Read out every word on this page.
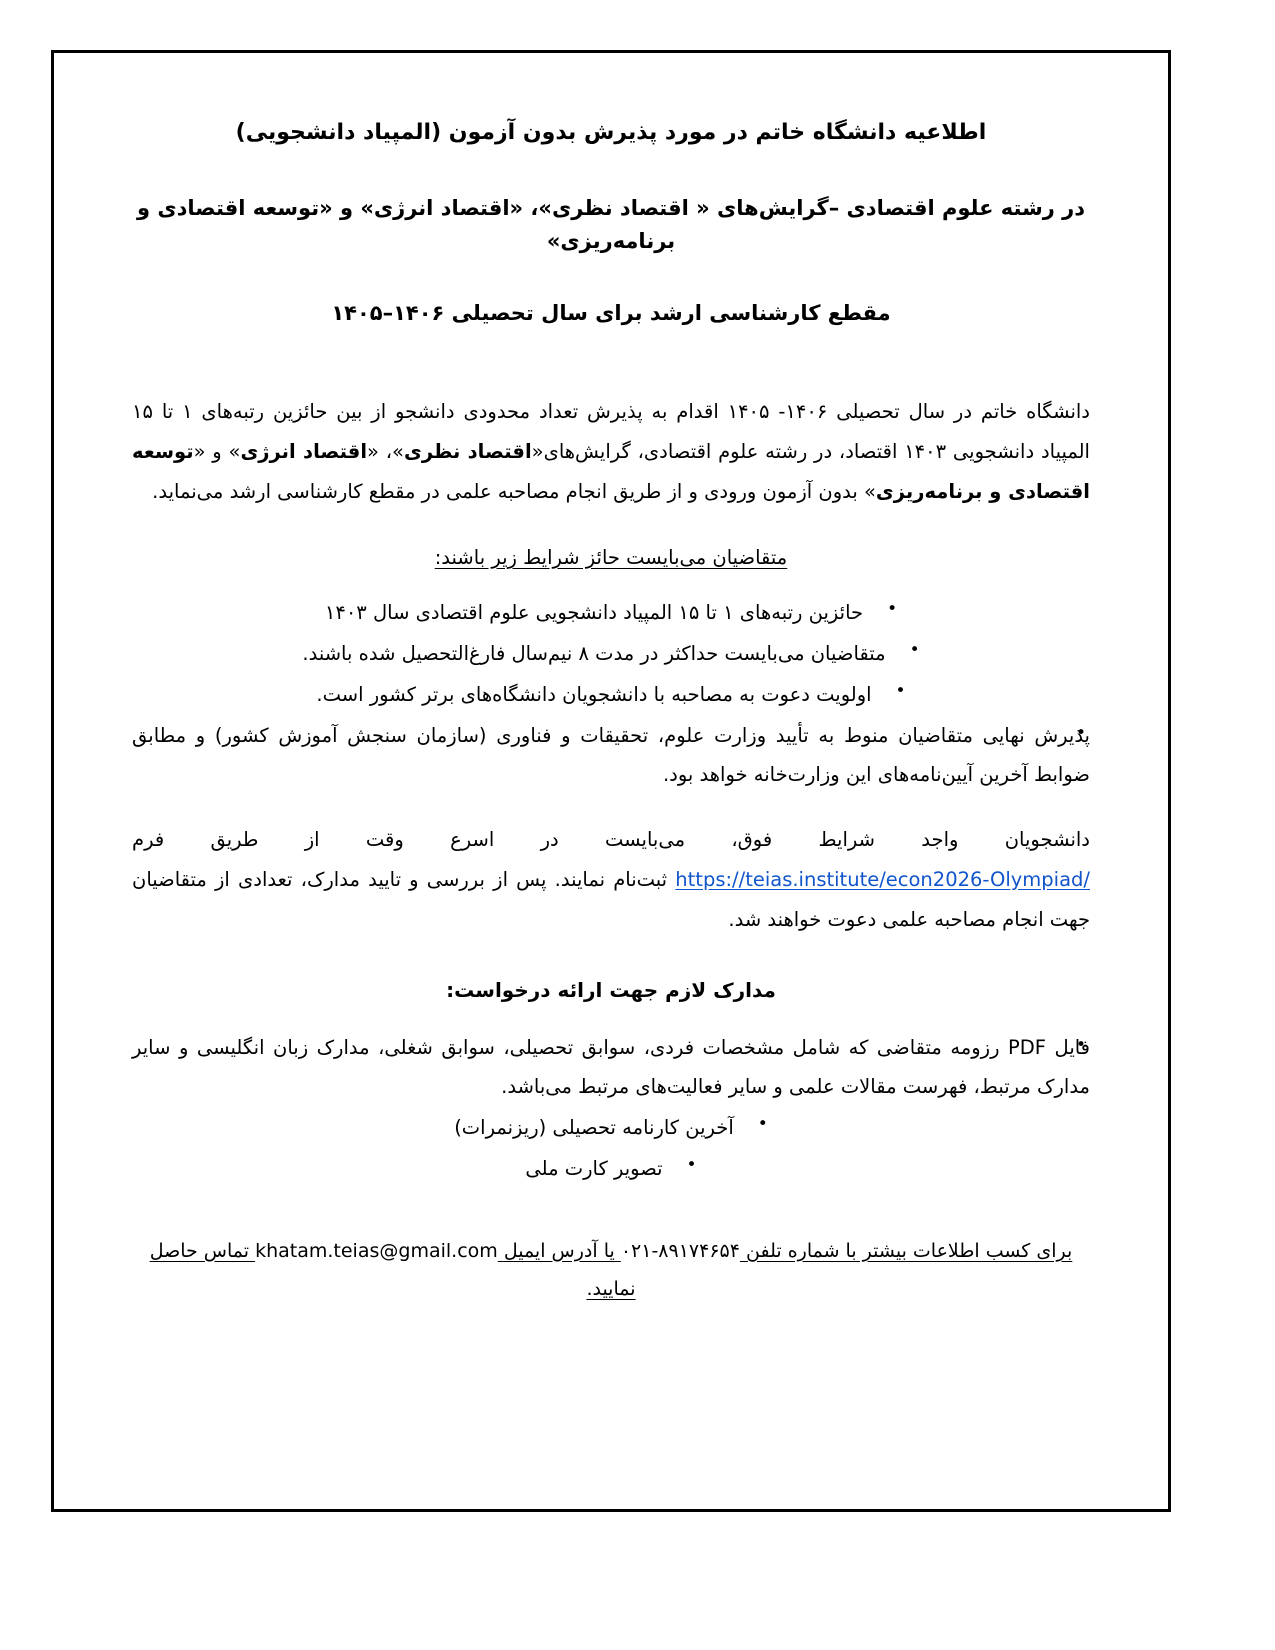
اطلاعیه دانشگاه خاتم در مورد پذیرش بدون آزمون (المپیاد دانشجویی)
در رشته علوم اقتصادی –گرایش‌های « اقتصاد نظری»، «اقتصاد انرژی» و «توسعه اقتصادی و برنامه‌ریزی»
مقطع کارشناسی ارشد برای سال تحصیلی ۱۴۰۶–۱۴۰۵

دانشگاه خاتم در سال تحصیلی ۱۴۰۶- ۱۴۰۵ اقدام به پذیرش تعداد محدودی دانشجو از بین حائزین رتبه‌های ۱ تا ۱۵ المپیاد دانشجویی ۱۴۰۳ اقتصاد، در رشته علوم اقتصادی، گرایش‌های«اقتصاد نظری»، «اقتصاد انرژی» و «توسعه اقتصادی و برنامه‌ریزی» بدون آزمون ورودی و از طریق انجام مصاحبه علمی در مقطع کارشناسی ارشد می‌نماید.

متقاضیان می‌بایست حائز شرایط زیر باشند:
• حائزین رتبه‌های ۱ تا ۱۵ المپیاد دانشجویی علوم اقتصادی سال ۱۴۰۳
• متقاضیان می‌بایست حداکثر در مدت ۸ نیم‌سال فارغ‌التحصیل شده باشند.
• اولویت دعوت به مصاحبه با دانشجویان دانشگاه‌های برتر کشور است.
• پذیرش نهایی متقاضیان منوط به تأیید وزارت علوم، تحقیقات و فناوری (سازمان سنجش آموزش کشور) و مطابق ضوابط آخرین آیین‌نامه‌های این وزارت‌خانه خواهد بود.

دانشجویان واجد شرایط فوق، می‌بایست در اسرع وقت از طریق فرم https://teias.institute/econ2026-Olympiad/ ثبت‌نام نمایند. پس از بررسی و تایید مدارک، تعدادی از متقاضیان جهت انجام مصاحبه علمی دعوت خواهند شد.

مدارک لازم جهت ارائه درخواست:
• فایل PDF رزومه متقاضی که شامل مشخصات فردی، سوابق تحصیلی، سوابق شغلی، مدارک زبان انگلیسی و سایر مدارک مرتبط، فهرست مقالات علمی و سایر فعالیت‌های مرتبط می‌باشد.
• آخرین کارنامه تحصیلی (ریزنمرات)
• تصویر کارت ملی
برای کسب اطلاعات بیشتر با شماره تلفن ۰۲۱-۸۹۱۷۴۶۵۴ یا آدرس ایمیل khatam.teias@gmail.com تماس حاصل نمایید.
